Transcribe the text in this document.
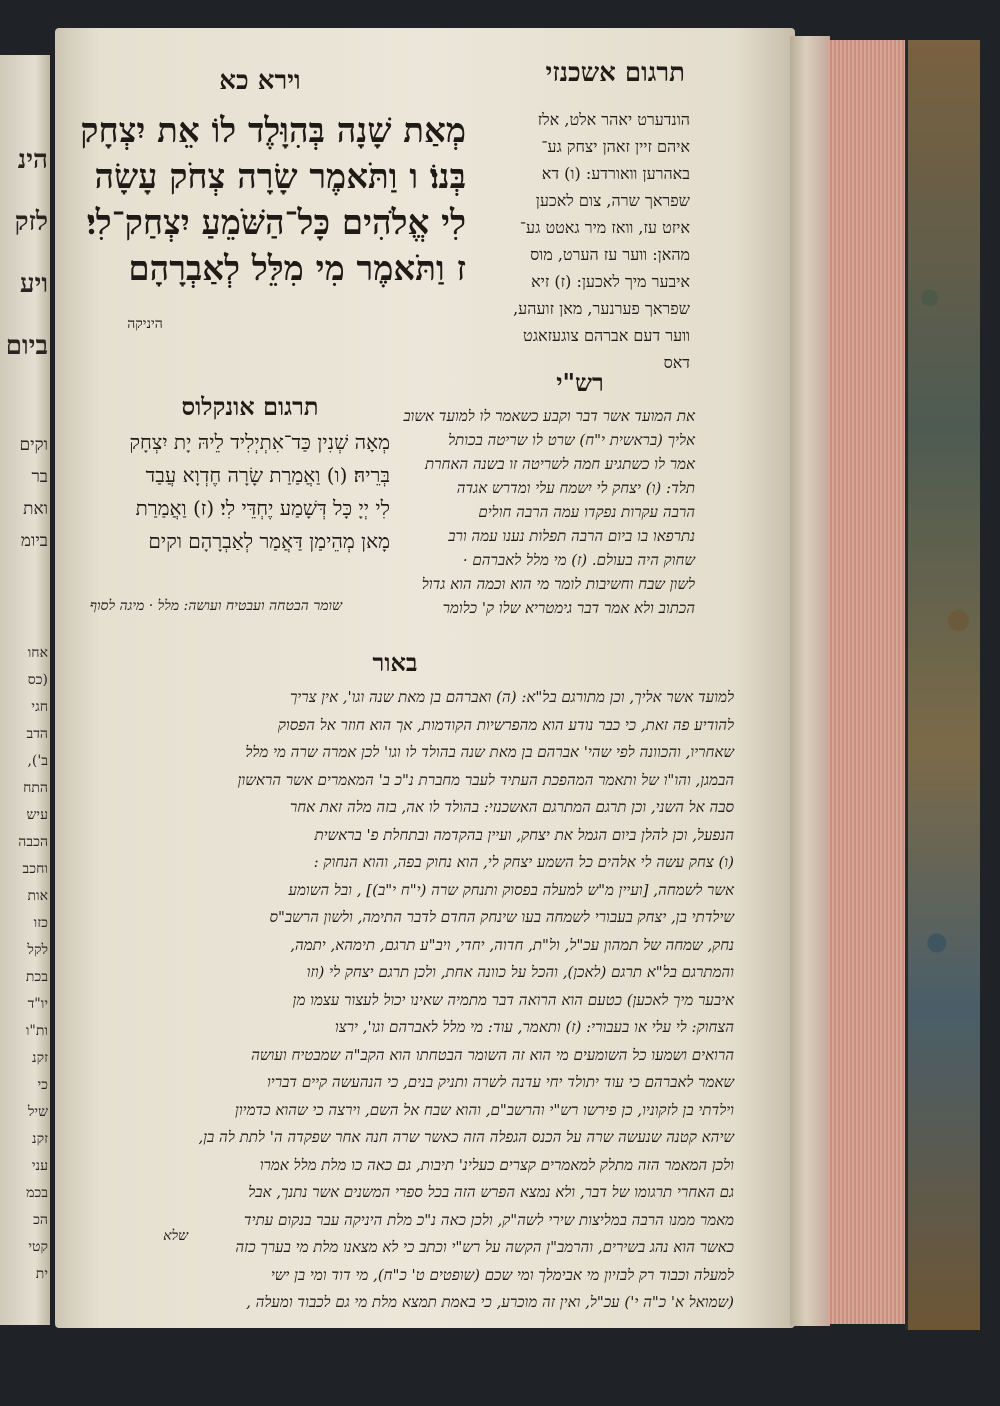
הינ
לזק
ויע
ביום
וקים
בר
ואת
ביומ
אחו
(כס
חגי
הדב
ב'),
התח
עיש
הכבה
וחכב
אות
כזו
לקל
בכת
יו"ד
ות"ו
זקנ
כי
שיל
זקנ
עני
בכמ
הכ
קטי
ית
תרגום אשכנזי
וירא כא
מְאַת שָׁנָה בְּהִוָּלֶד לוֹ אֵת יִצְחָק
בְּנוֹ׃ ו וַתֹּאמֶר שָׂרָה צְחֹק עָשָׂה
לִי אֱלֹהִים כָּל־הַשֹּׁמֵעַ יִצְחַק־לִי׃
ז וַתֹּאמֶר מִי מִלֵּל לְאַבְרָהָם
היניקה
הונדערט יאהר אלט, אלז
איהם זיין זאהן יצחק גע־
באהרען װאורדע: (ו) דא
שפראך שרה, צום לאכען
איזט עז, װאז מיר גאטט גע־
מהאן: װער עז הערט, מוס
איבער מיך לאכען: (ז) זיא
שפראך פערנער, מאן זועהע,
װער דעם אברהם צוגעזאגט
דאס
תרגום אונקלוס
מְאָה שְׁנִין כַּד־אִתְיְלִיד לֵיהּ יָת יִצְחָק
בְּרֵיהּ׃ (ו) וַאֲמַרַת שָׂרָה חֶדְוָא עֲבַד
לִי יְיָ כָּל דְּשָׁמַע יֶחְדֵּי לִי׃ (ז) וַאֲמַרַת
מָאן מְהֵימַן דַּאֲמַר לְאַבְרָהָם וקים
שומר הבטחה ועבטיח ועושה: מלל · מיגה לסוף
רש"י
את המועד אשר דבר וקבע כשאמר לו למועד אשוב
אליך (בראשית י"ח) שרט לו שריטה בכותל
אמר לו כשתגיע חמה לשריטה זו בשנה האחרת
תלד: (ו) יצחק לי יִשמח עלי ומדרש אגדה
הרבה עקרות נפקדו עמה הרבה חולים
נתרפאו בו ביום הרבה תפלות נענו עמה ורב
שחוק היה בעולם. (ז) מי מלל לאברהם ·
לשון שבח וחשיבות לומר מי הוא וכמה הוא גדול
הכתוב ולא אמר דבר גימטריא שלו ק' כלומר
באור
למועד אשר אליך, וכן מתורגם בל"א: (ה) ואברהם בן מאת שנה וגו', אין צריך
להודיע פה זאת, כי כבר נודע הוא מהפרשיות הקודמות, אך הוא חוזר אל הפסוק
שאחריו, והכוונה לפי שהי' אברהם בן מאת שנה בהולד לו וגו' לכן אמרה שרה מי מלל
הבמגן, והו"ו של ותאמר המהפכת העתיד לעבר מחברת נ"כ ב' המאמרים אשר הראשון
סבה אל השני, וכן תרגם המתרגם האשכנזי: בהולד לו אה, בזה מלה זאת אחר
הנפעל, וכן להלן ביום הגמל את יצחק, ועיין בהקדמה ובתחלת פ' בראשית
(ו) צחק עשה לי אלהים כל השמע יצחק לי, הוא נחוק בפה, והוא הנחוק :
אשר לשמחה, [ועיין מ"ש למעלה בפסוק ותנחק שרה (י"ח י"ב)] , ובל השומע
שילדתי בן, יצחק בעבורי לשמחה בעו שינחק החדם לדבר התימה, ולשון הרשב"ס
נחק, שמחה של תמהון עכ"ל, ול"ת, חדוה, יחדי, ויב"ע תרגם, תימהא, יתמה,
והמתרגם בל"א תרגם (לאכן), והכל על כוונה אחת, ולכן תרגם יצחק לי (וזו
איבער מיך לאכען) כטעם הוא הרואה דבר מתמיה שאינו יכול לעצור עצמו מן
הצחוק: לי עלי או בעבורי: (ז) ותאמר, עוד: מי מלל לאברהם וגו', ירצו
הרואים ושמעו כל השומעים מי הוא זה השומר הבטחתו הוא הקב"ה שמבטיח ועושה
שאמר לאברהם כי עוד יתולד יחי עדנה לשרה ותניק בנים, כי הנהעשה קיים דבריו
וילדתי בן לזקוניו, כן פירשו רש"י והרשב"ם, והוא שבח אל השם, וירצה כי שהוא כדמיון
שיהא קטנה שנעשה שרה על הכנס הגפלה הזה כאשר שרה חנה אחר שפקדה ה' לתת לה בן,
ולכן המאמר הזה מתלק למאמרים קצרים כעלינ' תיבות, גם כאה כו מלת מלל אמרו
גם האחרי תרגומו של דבר, ולא נמצא הפרש הזה בכל ספרי המשנים אשר נתנך, אבל
מאמר ממנו הרבה במליצות שירי לשה"ק, ולכן כאה נ"כ מלת היניקה עבר בנקום עתיד
כאשר הוא נהג בשירים, והרמב"ן הקשה על רש"י וכתב כי לא מצאנו מלת מי בערך כזה
למעלה וכבוד רק לבזיון מי אבימלך ומי שכם (שופטים ט' כ"ח), מי דוד ומי בן ישי
(שמואל א' כ"ה י') עכ"ל, ואין זה מוכרע, כי באמת תמצא מלת מי גם לכבוד ומעלה ,
שלא
